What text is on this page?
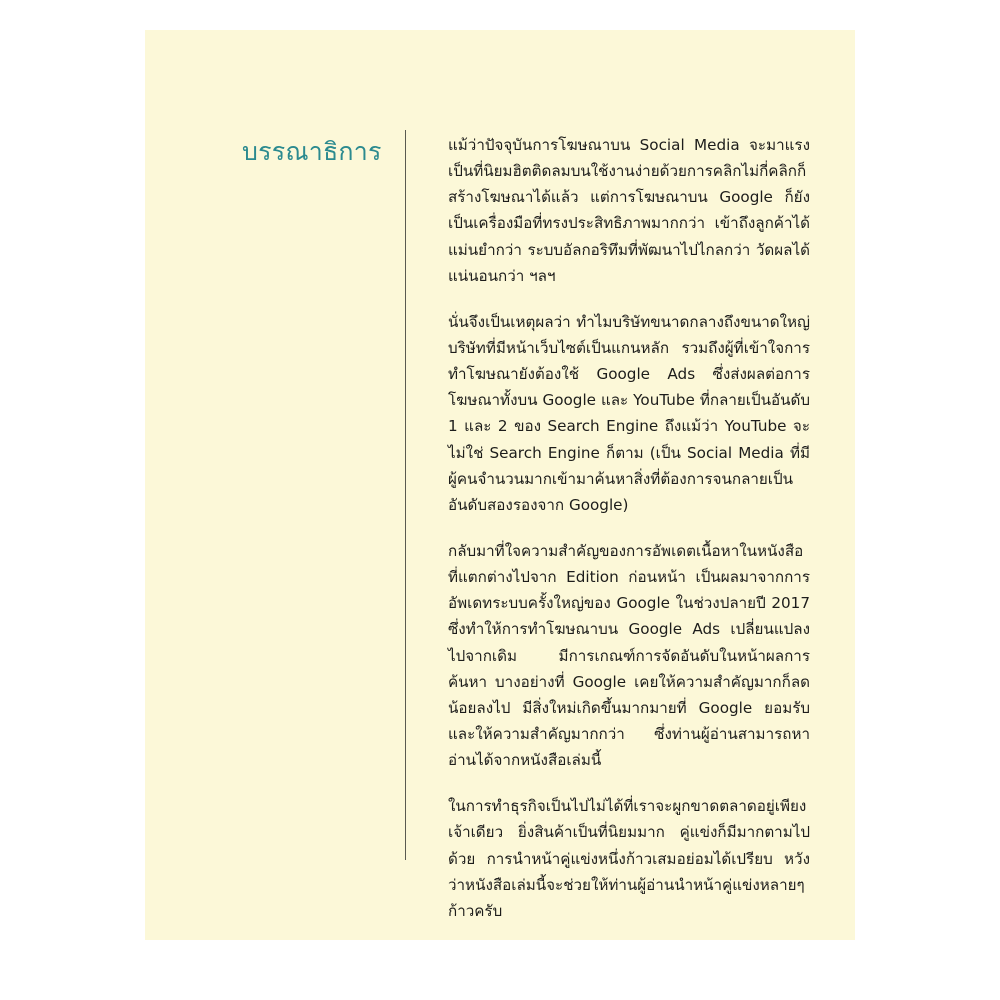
บรรณาธิการ	แม้ว่าปัจจุบันการโฆษณาบน Social Media จะมาแรงเป็นที่นิยมฮิตติดลมบนใช้งานง่ายด้วยการคลิกไม่กี่คลิกก็สร้างโฆษณาได้แล้ว แต่การโฆษณาบน Google ก็ยังเป็นเครื่องมือที่ทรงประสิทธิภาพมากกว่า เข้าถึงลูกค้าได้แม่นยำกว่า ระบบอัลกอริทึมที่พัฒนาไปไกลกว่า วัดผลได้แน่นอนกว่า ฯลฯ

นั่นจึงเป็นเหตุผลว่า ทำไมบริษัทขนาดกลางถึงขนาดใหญ่ บริษัทที่มีหน้าเว็บไซต์เป็นแกนหลัก รวมถึงผู้ที่เข้าใจการทำโฆษณายังต้องใช้ Google Ads ซึ่งส่งผลต่อการโฆษณาทั้งบน Google และ YouTube ที่กลายเป็นอันดับ 1 และ 2 ของ Search Engine ถึงแม้ว่า YouTube จะไม่ใช่ Search Engine ก็ตาม (เป็น Social Media ที่มีผู้คนจำนวนมากเข้ามาค้นหาสิ่งที่ต้องการจนกลายเป็นอันดับสองรองจาก Google)

กลับมาที่ใจความสำคัญของการอัพเดตเนื้อหาในหนังสือที่แตกต่างไปจาก Edition ก่อนหน้า เป็นผลมาจากการอัพเดทระบบครั้งใหญ่ของ Google ในช่วงปลายปี 2017 ซึ่งทำให้การทำโฆษณาบน Google Ads เปลี่ยนแปลงไปจากเดิม มีการเกณฑ์การจัดอันดับในหน้าผลการค้นหา บางอย่างที่ Google เคยให้ความสำคัญมากก็ลดน้อยลงไป มีสิ่งใหม่เกิดขึ้นมากมายที่ Google ยอมรับและให้ความสำคัญมากกว่า ซึ่งท่านผู้อ่านสามารถหาอ่านได้จากหนังสือเล่มนี้

ในการทำธุรกิจเป็นไปไม่ได้ที่เราจะผูกขาดตลาดอยู่เพียงเจ้าเดียว ยิ่งสินค้าเป็นที่นิยมมาก คู่แข่งก็มีมากตามไปด้วย การนำหน้าคู่แข่งหนึ่งก้าวเสมอย่อมได้เปรียบ หวังว่าหนังสือเล่มนี้จะช่วยให้ท่านผู้อ่านนำหน้าคู่แข่งหลายๆ ก้าวครับ
